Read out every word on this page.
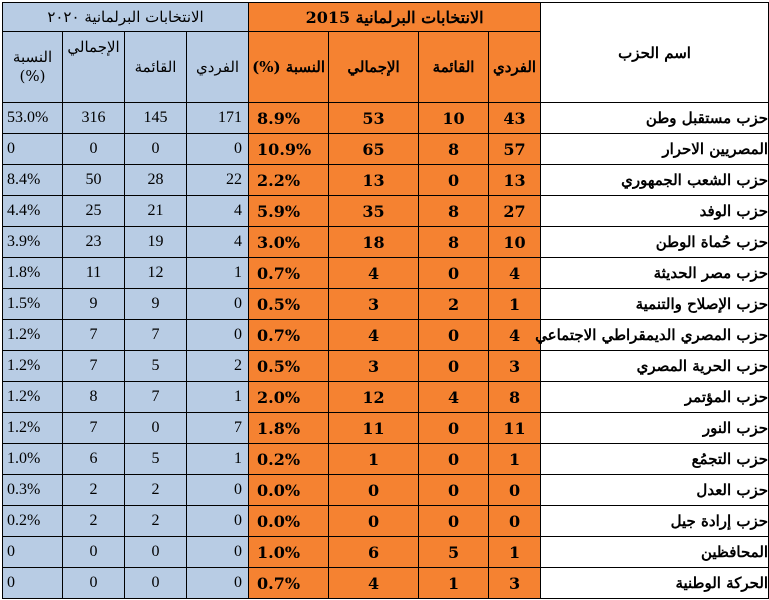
اسم الحزب	الانتخابات البرلمانية 2015				الانتخابات البرلمانية ٢٠٢٠			
	الفردي	القائمة	الإجمالي	النسبة (%)	الفردي	القائمة	الإجمالي	النسبة
(%)

حزب مستقبل وطن	43	10	53	8.9%	171	145	316	53.0%
المصريين الاحرار	57	8	65	10.9%	0	0	0	0
حزب الشعب الجمهوري	13	0	13	2.2%	22	28	50	8.4%
حزب الوفد	27	8	35	5.9%	4	21	25	4.4%
حزب حُماة الوطن	10	8	18	3.0%	4	19	23	3.9%
حزب مصر الحديثة	4	0	4	0.7%	1	12	11	1.8%
حزب الإصلاح والتنمية	1	2	3	0.5%	0	9	9	1.5%
حزب المصري الديمقراطي الاجتماعي	4	0	4	0.7%	0	7	7	1.2%
حزب الحرية المصري	3	0	3	0.5%	2	5	7	1.2%
حزب المؤتمر	8	4	12	2.0%	1	7	8	1.2%
حزب النور	11	0	11	1.8%	7	0	7	1.2%
حزب التجمُع	1	0	1	0.2%	1	5	6	1.0%
حزب العدل	0	0	0	0.0%	0	2	2	0.3%
حزب إرادة جيل	0	0	0	0.0%	0	2	2	0.2%
المحافظين	1	5	6	1.0%	0	0	0	0
الحركة الوطنية	3	1	4	0.7%	0	0	0	0
